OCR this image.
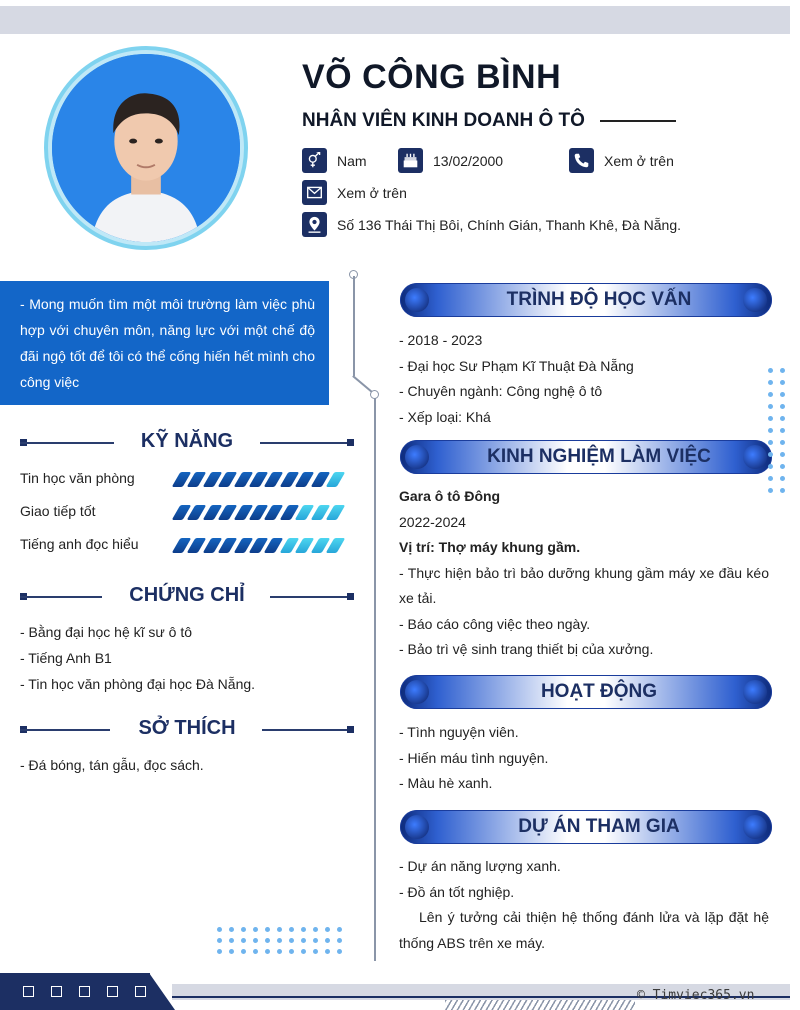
VÕ CÔNG BÌNH
NHÂN VIÊN KINH DOANH Ô TÔ
Nam	13/02/2000	Xem ở trên
Xem ở trên
Số 136 Thái Thị Bôi, Chính Gián, Thanh Khê, Đà Nẵng.
- Mong muốn tìm một môi trường làm việc phù hợp với chuyên môn, năng lực với một chế độ đãi ngộ tốt để tôi có thể cống hiến hết mình cho công việc
KỸ NĂNG
Tin học văn phòng
Giao tiếp tốt
Tiếng anh đọc hiểu
CHỨNG CHỈ
- Bằng đại học hệ kĩ sư ô tô
- Tiếng Anh B1
- Tin học văn phòng đại học Đà Nẵng.
SỞ THÍCH
- Đá bóng, tán gẫu, đọc sách.
TRÌNH ĐỘ HỌC VẤN
- 2018 - 2023
- Đại học Sư Phạm Kĩ Thuật Đà Nẵng
- Chuyên ngành: Công nghệ ô tô
- Xếp loại: Khá
KINH NGHIỆM LÀM VIỆC
Gara ô tô Đông
2022-2024
Vị trí: Thợ máy khung gầm.
- Thực hiện bảo trì bảo dưỡng khung gầm máy xe đầu kéo xe tải.
- Báo cáo công việc theo ngày.
- Bảo trì vệ sinh trang thiết bị của xưởng.
HOẠT ĐỘNG
- Tình nguyện viên.
- Hiến máu tình nguyện.
- Màu hè xanh.
DỰ ÁN THAM GIA
- Dự án năng lượng xanh.
- Đồ án tốt nghiệp.
Lên ý tưởng cải thiện hệ thống đánh lửa và lặp đặt hệ thống ABS trên xe máy.
© Timviec365.vn
